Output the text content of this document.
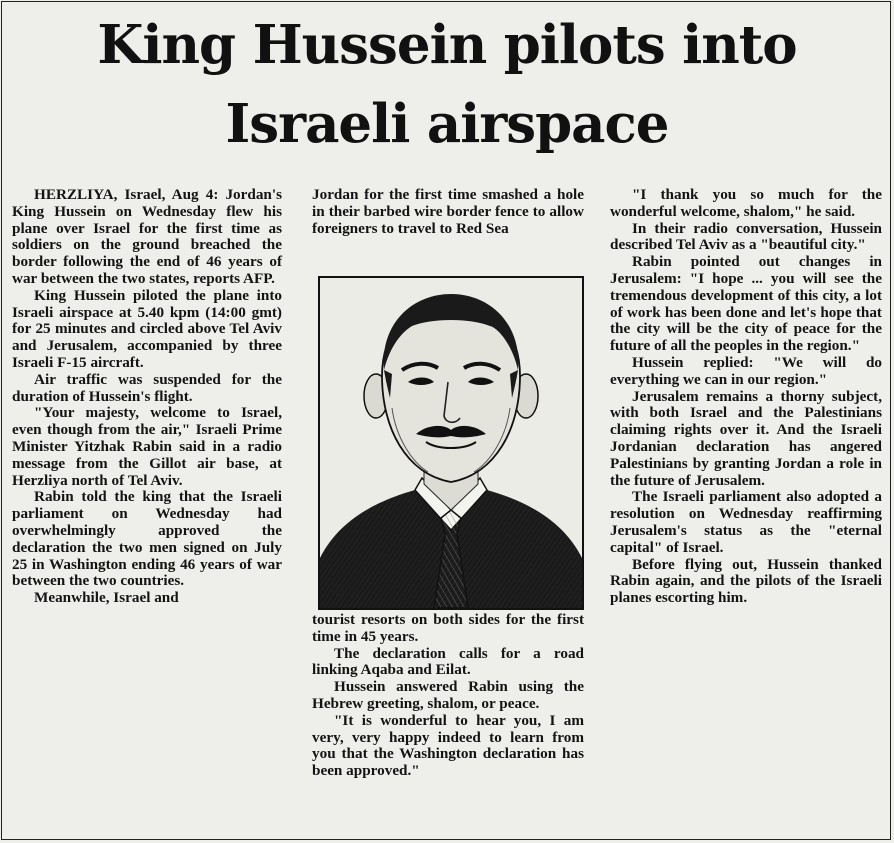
King Hussein pilots into
Israeli airspace

HERZLIYA, Israel, Aug 4: Jordan's King Hussein on Wednesday flew his plane over Israel for the first time as soldiers on the ground breached the border following the end of 46 years of war between the two states, reports AFP.

King Hussein piloted the plane into Israeli airspace at 5.40 kpm (14:00 gmt) for 25 minutes and circled above Tel Aviv and Jerusalem, accompanied by three Israeli F-15 aircraft.

Air traffic was suspended for the duration of Hussein's flight.

"Your majesty, welcome to Israel, even though from the air," Israeli Prime Minister Yitzhak Rabin said in a radio message from the Gillot air base, at Herzliya north of Tel Aviv.

Rabin told the king that the Israeli parliament on Wednesday had overwhelmingly approved the declaration the two men signed on July 25 in Washington ending 46 years of war between the two countries.

Meanwhile, Israel and

Jordan for the first time smashed a hole in their barbed wire border fence to allow foreigners to travel to Red Sea

tourist resorts on both sides for the first time in 45 years.

The declaration calls for a road linking Aqaba and Eilat.

Hussein answered Rabin using the Hebrew greeting, shalom, or peace.

"It is wonderful to hear you, I am very, very happy indeed to learn from you that the Washington declaration has been approved."

"I thank you so much for the wonderful welcome, shalom," he said.

In their radio conversation, Hussein described Tel Aviv as a "beautiful city."

Rabin pointed out changes in Jerusalem: "I hope ... you will see the tremendous development of this city, a lot of work has been done and let's hope that the city will be the city of peace for the future of all the peoples in the region."

Hussein replied: "We will do everything we can in our region."

Jerusalem remains a thorny subject, with both Israel and the Palestinians claiming rights over it. And the Israeli Jordanian declaration has angered Palestinians by granting Jordan a role in the future of Jerusalem.

The Israeli parliament also adopted a resolution on Wednesday reaffirming Jerusalem's status as the "eternal capital" of Israel.

Before flying out, Hussein thanked Rabin again, and the pilots of the Israeli planes escorting him.
